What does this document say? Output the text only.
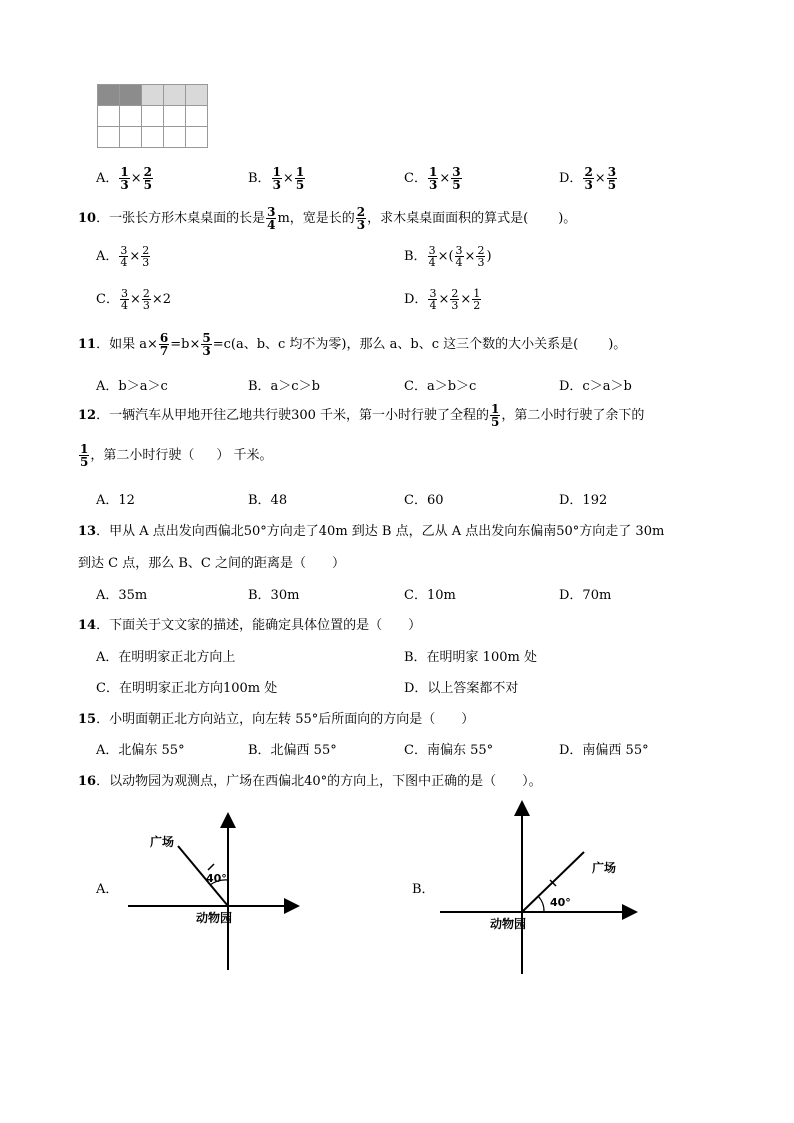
A． $\frac{1}{3} \times \frac{2}{5}$	B． $\frac{1}{3} \times \frac{1}{5}$	C． $\frac{1}{3} \times \frac{3}{5}$	D． $\frac{2}{3} \times \frac{3}{5}$
10．一张长方形木桌桌面的长是 $\frac{3}{4}$ m，宽是长的 $\frac{2}{3}$ ，求木桌桌面面积的算式是( )。
A． $\frac{3}{4} \times \frac{2}{3}$	B． $\frac{3}{4}$ ×( $\frac{3}{4} \times \frac{2}{3}$ )
C． $\frac{3}{4} \times \frac{2}{3} \times 2$	D． $\frac{3}{4} \times \frac{2}{3} \times \frac{1}{2}$
11．如果 $a\times \frac{6}{7} =b\times \frac{5}{3} =c(a$、b、c 均不为零)，那么 a、b、c 这三个数的大小关系是( )。
A．b＞a＞c	B．a＞c＞b	C．a＞b＞c	D．c＞a＞b
12．一辆汽车从甲地开往乙地共行驶300 千米，第一小时行驶了全程的 $\frac{1}{5}$ ，第二小时行驶了余下的
$\frac{1}{5}$ ，第二小时行驶（ ） 千米。
A．12	B．48	C．60	D．192
13．甲从 A 点出发向西偏北50°方向走了40m 到达 B 点，乙从 A 点出发向东偏南50°方向走了 30m
到达 C 点，那么 B、C 之间的距离是（ ）
A．35m	B．30m	C．10m	D．70m
14．下面关于文文家的描述，能确定具体位置的是（ ）
A．在明明家正北方向上	B．在明明家 100m 处
C．在明明家正北方向100m 处	D．以上答案都不对
15．小明面朝正北方向站立，向左转 55°后所面向的方向是（ ）
A．北偏东 55°	B．北偏西 55°	C．南偏东 55°	D．南偏西 55°
16．以动物园为观测点，广场在西偏北40°的方向上，下图中正确的是（ ）。
A．
40°
广场
动物园
B．
40°
广场
动物园
